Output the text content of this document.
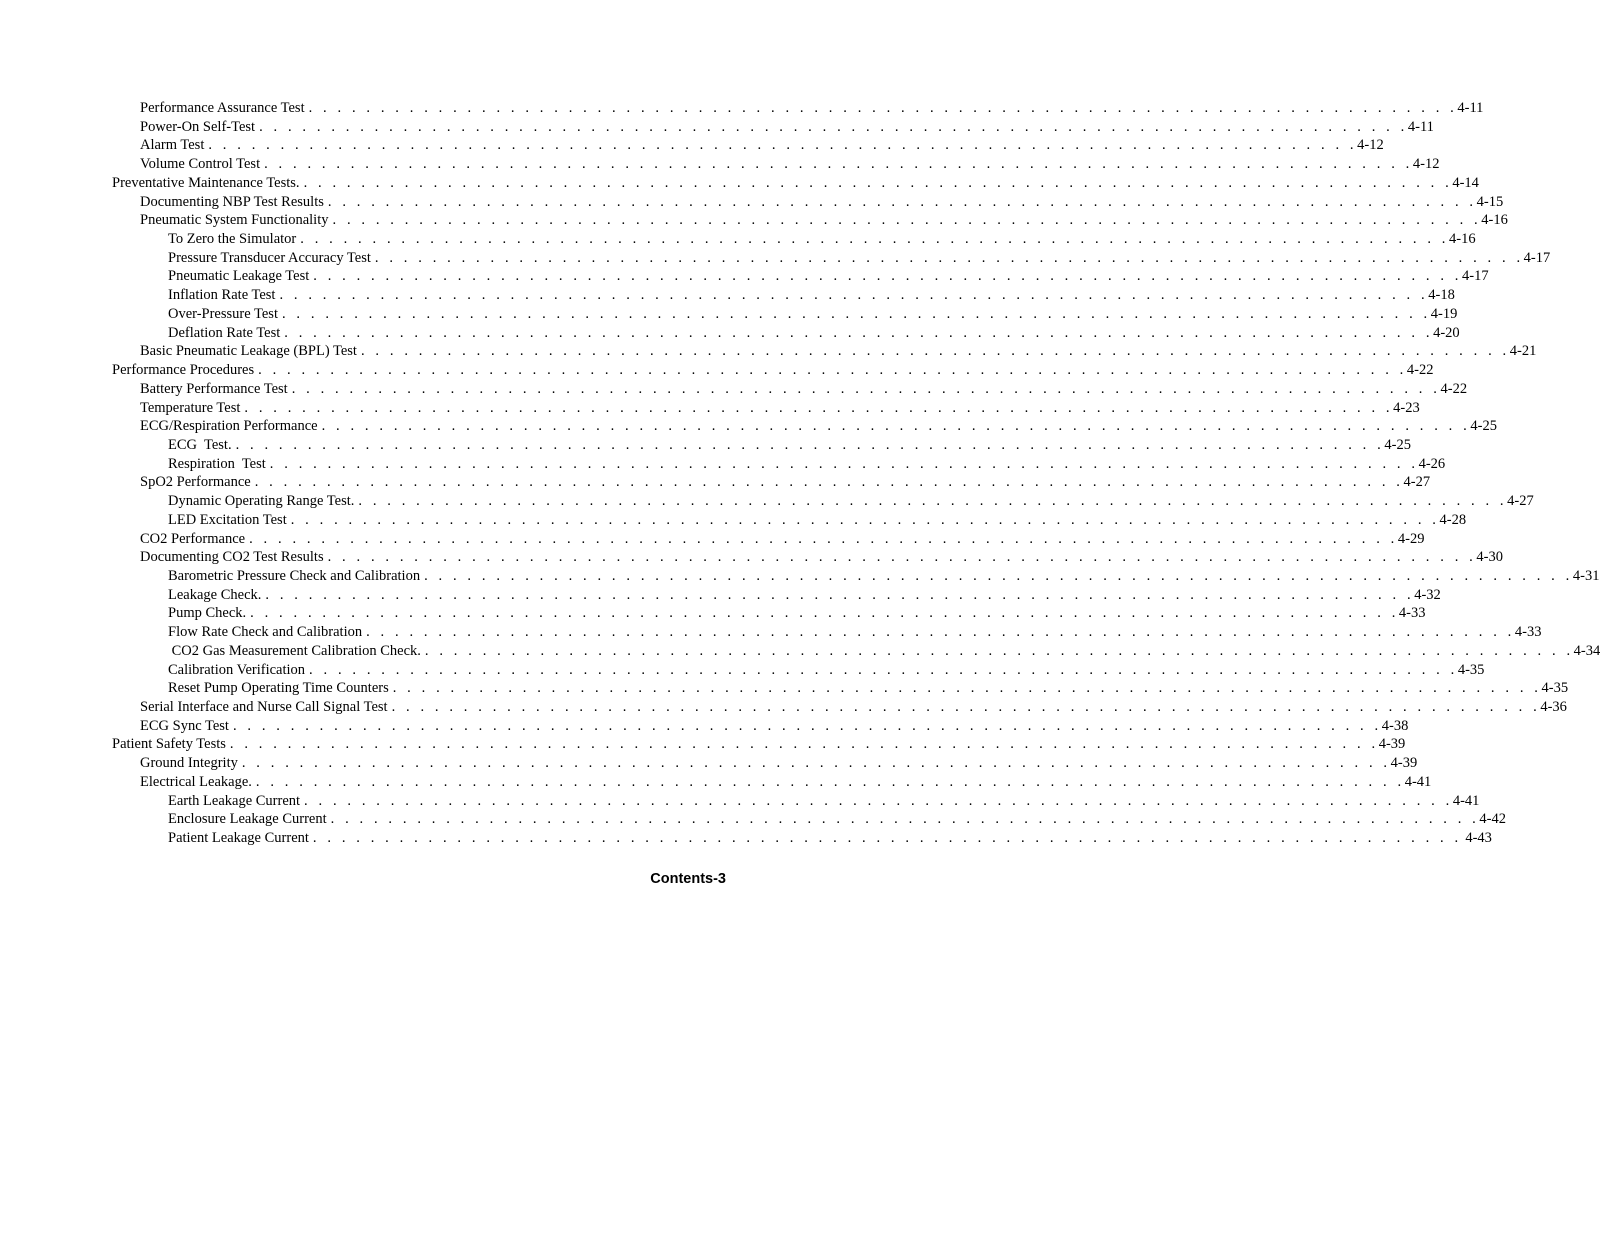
Performance Assurance Test . . . . . . . . . . . . . . . . . . . . . . . . . . . . . . . . . . . . . . . . . . . . . . . . . . . . . . . . . . . . . . . . . . . . . . . . . . . . . . . . 4-11
Power-On Self-Test . . . . . . . . . . . . . . . . . . . . . . . . . . . . . . . . . . . . . . . . . . . . . . . . . . . . . . . . . . . . . . . . . . . . . . . . . . . . . . . . 4-11
Alarm Test . . . . . . . . . . . . . . . . . . . . . . . . . . . . . . . . . . . . . . . . . . . . . . . . . . . . . . . . . . . . . . . . . . . . . . . . . . . . . . . . 4-12
Volume Control Test . . . . . . . . . . . . . . . . . . . . . . . . . . . . . . . . . . . . . . . . . . . . . . . . . . . . . . . . . . . . . . . . . . . . . . . . . . . . . . . . 4-12
Preventative Maintenance Tests. . . . . . . . . . . . . . . . . . . . . . . . . . . . . . . . . . . . . . . . . . . . . . . . . . . . . . . . . . . . . . . . . . . . . . . . . . . . . . . . . 4-14
Documenting NBP Test Results . . . . . . . . . . . . . . . . . . . . . . . . . . . . . . . . . . . . . . . . . . . . . . . . . . . . . . . . . . . . . . . . . . . . . . . . . . . . . . . . 4-15
Pneumatic System Functionality . . . . . . . . . . . . . . . . . . . . . . . . . . . . . . . . . . . . . . . . . . . . . . . . . . . . . . . . . . . . . . . . . . . . . . . . . . . . . . . . 4-16
To Zero the Simulator . . . . . . . . . . . . . . . . . . . . . . . . . . . . . . . . . . . . . . . . . . . . . . . . . . . . . . . . . . . . . . . . . . . . . . . . . . . . . . . . 4-16
Pressure Transducer Accuracy Test . . . . . . . . . . . . . . . . . . . . . . . . . . . . . . . . . . . . . . . . . . . . . . . . . . . . . . . . . . . . . . . . . . . . . . . . . . . . . . . . 4-17
Pneumatic Leakage Test . . . . . . . . . . . . . . . . . . . . . . . . . . . . . . . . . . . . . . . . . . . . . . . . . . . . . . . . . . . . . . . . . . . . . . . . . . . . . . . . 4-17
Inflation Rate Test . . . . . . . . . . . . . . . . . . . . . . . . . . . . . . . . . . . . . . . . . . . . . . . . . . . . . . . . . . . . . . . . . . . . . . . . . . . . . . . . 4-18
Over-Pressure Test . . . . . . . . . . . . . . . . . . . . . . . . . . . . . . . . . . . . . . . . . . . . . . . . . . . . . . . . . . . . . . . . . . . . . . . . . . . . . . . . 4-19
Deflation Rate Test . . . . . . . . . . . . . . . . . . . . . . . . . . . . . . . . . . . . . . . . . . . . . . . . . . . . . . . . . . . . . . . . . . . . . . . . . . . . . . . . 4-20
Basic Pneumatic Leakage (BPL) Test . . . . . . . . . . . . . . . . . . . . . . . . . . . . . . . . . . . . . . . . . . . . . . . . . . . . . . . . . . . . . . . . . . . . . . . . . . . . . . . . 4-21
Performance Procedures . . . . . . . . . . . . . . . . . . . . . . . . . . . . . . . . . . . . . . . . . . . . . . . . . . . . . . . . . . . . . . . . . . . . . . . . . . . . . . . . 4-22
Battery Performance Test . . . . . . . . . . . . . . . . . . . . . . . . . . . . . . . . . . . . . . . . . . . . . . . . . . . . . . . . . . . . . . . . . . . . . . . . . . . . . . . . 4-22
Temperature Test . . . . . . . . . . . . . . . . . . . . . . . . . . . . . . . . . . . . . . . . . . . . . . . . . . . . . . . . . . . . . . . . . . . . . . . . . . . . . . . . 4-23
ECG/Respiration Performance . . . . . . . . . . . . . . . . . . . . . . . . . . . . . . . . . . . . . . . . . . . . . . . . . . . . . . . . . . . . . . . . . . . . . . . . . . . . . . . . 4-25
ECG  Test. . . . . . . . . . . . . . . . . . . . . . . . . . . . . . . . . . . . . . . . . . . . . . . . . . . . . . . . . . . . . . . . . . . . . . . . . . . . . . . . . 4-25
Respiration  Test . . . . . . . . . . . . . . . . . . . . . . . . . . . . . . . . . . . . . . . . . . . . . . . . . . . . . . . . . . . . . . . . . . . . . . . . . . . . . . . . 4-26
SpO2 Performance . . . . . . . . . . . . . . . . . . . . . . . . . . . . . . . . . . . . . . . . . . . . . . . . . . . . . . . . . . . . . . . . . . . . . . . . . . . . . . . . 4-27
Dynamic Operating Range Test. . . . . . . . . . . . . . . . . . . . . . . . . . . . . . . . . . . . . . . . . . . . . . . . . . . . . . . . . . . . . . . . . . . . . . . . . . . . . . . . . 4-27
LED Excitation Test . . . . . . . . . . . . . . . . . . . . . . . . . . . . . . . . . . . . . . . . . . . . . . . . . . . . . . . . . . . . . . . . . . . . . . . . . . . . . . . . 4-28
CO2 Performance . . . . . . . . . . . . . . . . . . . . . . . . . . . . . . . . . . . . . . . . . . . . . . . . . . . . . . . . . . . . . . . . . . . . . . . . . . . . . . . . 4-29
Documenting CO2 Test Results . . . . . . . . . . . . . . . . . . . . . . . . . . . . . . . . . . . . . . . . . . . . . . . . . . . . . . . . . . . . . . . . . . . . . . . . . . . . . . . . 4-30
Barometric Pressure Check and Calibration . . . . . . . . . . . . . . . . . . . . . . . . . . . . . . . . . . . . . . . . . . . . . . . . . . . . . . . . . . . . . . . . . . . . . . . . . . . . . . . . 4-31
Leakage Check. . . . . . . . . . . . . . . . . . . . . . . . . . . . . . . . . . . . . . . . . . . . . . . . . . . . . . . . . . . . . . . . . . . . . . . . . . . . . . . . . 4-32
Pump Check. . . . . . . . . . . . . . . . . . . . . . . . . . . . . . . . . . . . . . . . . . . . . . . . . . . . . . . . . . . . . . . . . . . . . . . . . . . . . . . . . 4-33
Flow Rate Check and Calibration . . . . . . . . . . . . . . . . . . . . . . . . . . . . . . . . . . . . . . . . . . . . . . . . . . . . . . . . . . . . . . . . . . . . . . . . . . . . . . . . 4-33
CO2 Gas Measurement Calibration Check. . . . . . . . . . . . . . . . . . . . . . . . . . . . . . . . . . . . . . . . . . . . . . . . . . . . . . . . . . . . . . . . . . . . . . . . . . . . . . . . . 4-34
Calibration Verification . . . . . . . . . . . . . . . . . . . . . . . . . . . . . . . . . . . . . . . . . . . . . . . . . . . . . . . . . . . . . . . . . . . . . . . . . . . . . . . . 4-35
Reset Pump Operating Time Counters . . . . . . . . . . . . . . . . . . . . . . . . . . . . . . . . . . . . . . . . . . . . . . . . . . . . . . . . . . . . . . . . . . . . . . . . . . . . . . . . 4-35
Serial Interface and Nurse Call Signal Test . . . . . . . . . . . . . . . . . . . . . . . . . . . . . . . . . . . . . . . . . . . . . . . . . . . . . . . . . . . . . . . . . . . . . . . . . . . . . . . . 4-36
ECG Sync Test . . . . . . . . . . . . . . . . . . . . . . . . . . . . . . . . . . . . . . . . . . . . . . . . . . . . . . . . . . . . . . . . . . . . . . . . . . . . . . . . 4-38
Patient Safety Tests . . . . . . . . . . . . . . . . . . . . . . . . . . . . . . . . . . . . . . . . . . . . . . . . . . . . . . . . . . . . . . . . . . . . . . . . . . . . . . . . 4-39
Ground Integrity . . . . . . . . . . . . . . . . . . . . . . . . . . . . . . . . . . . . . . . . . . . . . . . . . . . . . . . . . . . . . . . . . . . . . . . . . . . . . . . . 4-39
Electrical Leakage. . . . . . . . . . . . . . . . . . . . . . . . . . . . . . . . . . . . . . . . . . . . . . . . . . . . . . . . . . . . . . . . . . . . . . . . . . . . . . . . . 4-41
Earth Leakage Current . . . . . . . . . . . . . . . . . . . . . . . . . . . . . . . . . . . . . . . . . . . . . . . . . . . . . . . . . . . . . . . . . . . . . . . . . . . . . . . . 4-41
Enclosure Leakage Current . . . . . . . . . . . . . . . . . . . . . . . . . . . . . . . . . . . . . . . . . . . . . . . . . . . . . . . . . . . . . . . . . . . . . . . . . . . . . . . . 4-42
Patient Leakage Current . . . . . . . . . . . . . . . . . . . . . . . . . . . . . . . . . . . . . . . . . . . . . . . . . . . . . . . . . . . . . . . . . . . . . . . . . . . . . . . . 4-43
Contents-3
